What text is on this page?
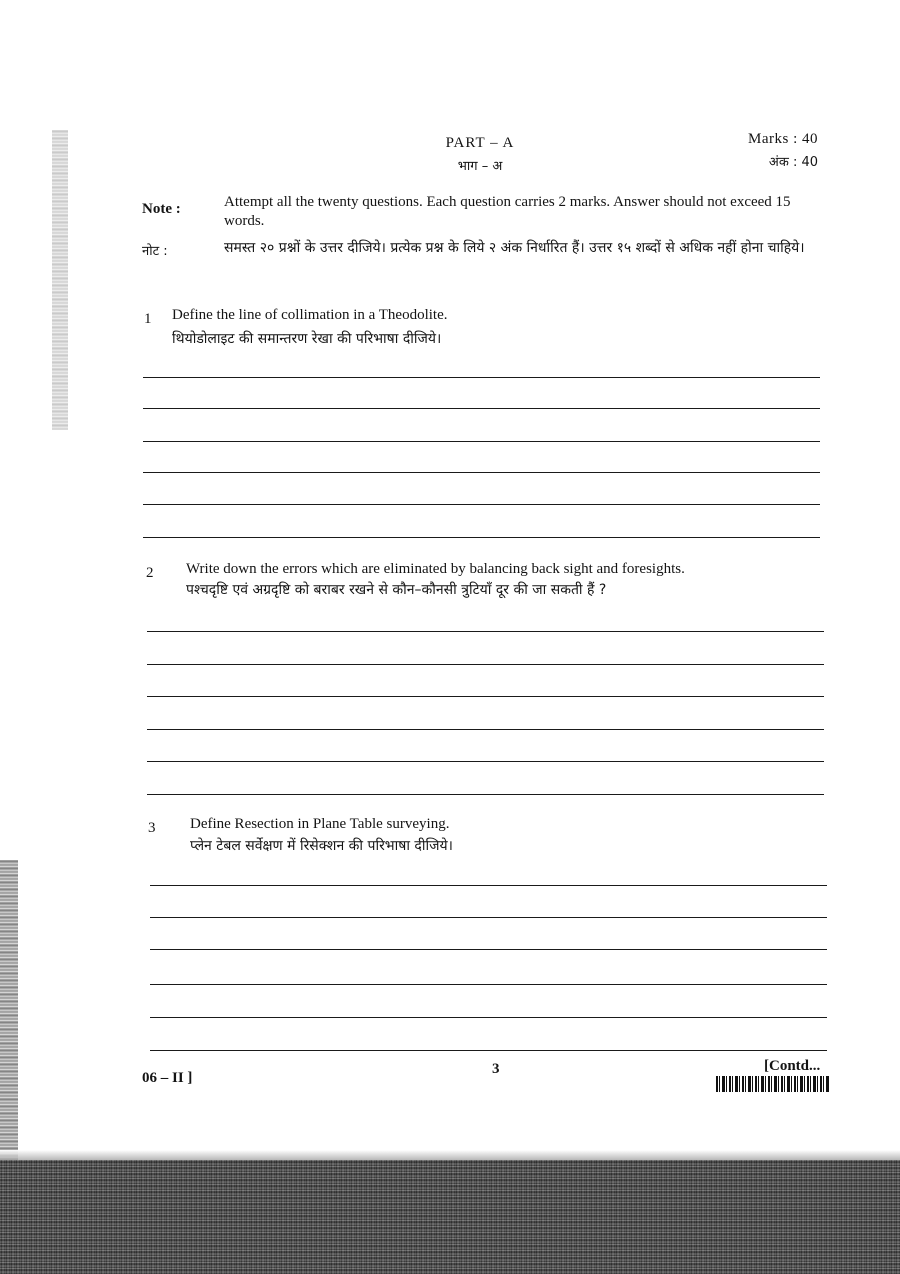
PART – A
भाग – अ
Marks : 40
अंक : 40
Note :	Attempt all the twenty questions. Each question carries 2 marks. Answer should not exceed 15 words.
नोट :	समस्त २० प्रश्नों के उत्तर दीजिये। प्रत्येक प्रश्न के लिये २ अंक निर्धारित हैं। उत्तर १५ शब्दों से अधिक नहीं होना चाहिये।
1 Define the line of collimation in a Theodolite.
थियोडोलाइट की समान्तरण रेखा की परिभाषा दीजिये।
2 Write down the errors which are eliminated by balancing back sight and foresights.
पश्चदृष्टि एवं अग्रदृष्टि को बराबर रखने से कौन–कौनसी त्रुटियाँ दूर की जा सकती हैं ?
3 Define Resection in Plane Table surveying.
प्लेन टेबल सर्वेक्षण में रिसेक्शन की परिभाषा दीजिये।
06 – II ]
3	[Contd...
